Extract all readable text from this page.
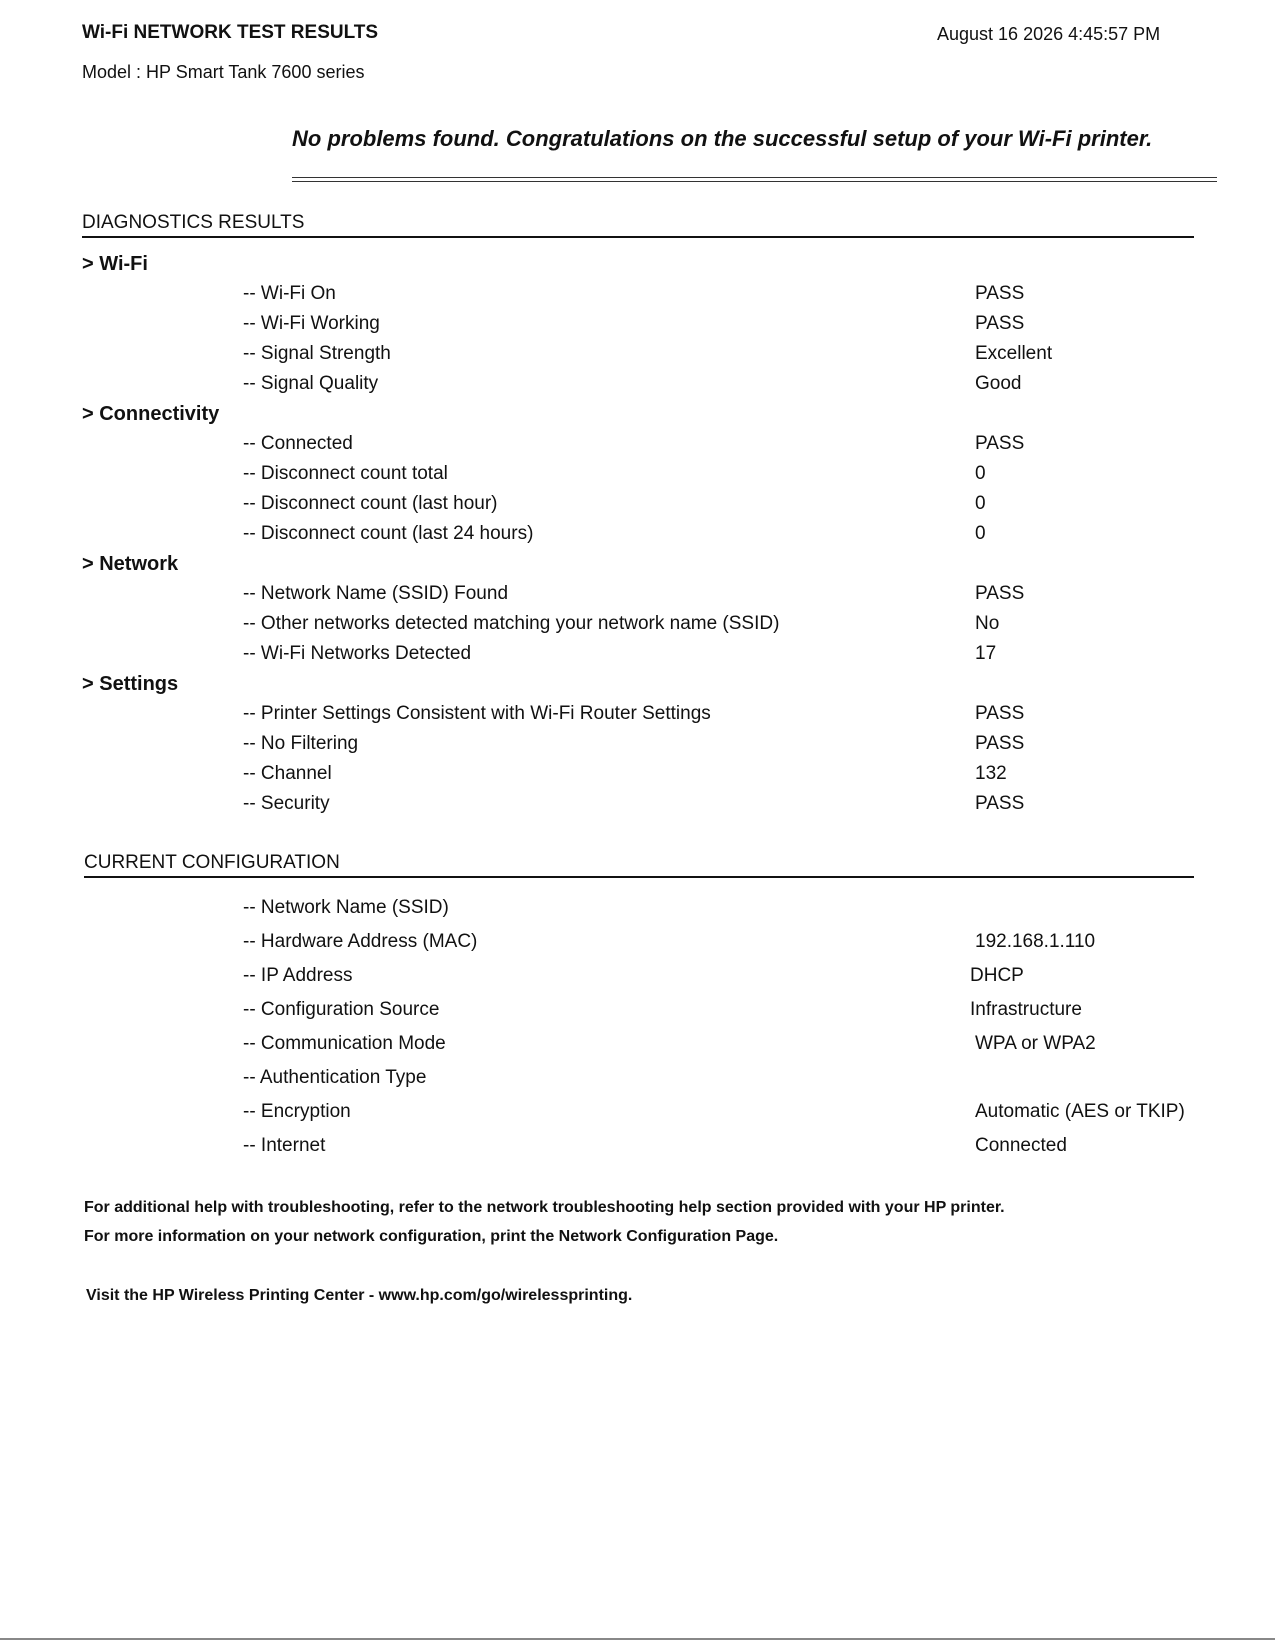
Wi-Fi NETWORK TEST RESULTS	August 16 2026 4:45:57 PM
Model : HP Smart Tank 7600 series
No problems found. Congratulations on the successful setup of your Wi-Fi printer.
DIAGNOSTICS RESULTS
> Wi-Fi
-- Wi-Fi On	PASS
-- Wi-Fi Working	PASS
-- Signal Strength	Excellent
-- Signal Quality	Good
> Connectivity
-- Connected	PASS
-- Disconnect count total	0
-- Disconnect count (last hour)	0
-- Disconnect count (last 24 hours)	0
> Network
-- Network Name (SSID) Found	PASS
-- Other networks detected matching your network name (SSID)	No
-- Wi-Fi Networks Detected	17
> Settings
-- Printer Settings Consistent with Wi-Fi Router Settings	PASS
-- No Filtering	PASS
-- Channel	132
-- Security	PASS
CURRENT CONFIGURATION
-- Network Name (SSID)
-- Hardware Address (MAC)	192.168.1.110
-- IP Address	DHCP
-- Configuration Source	Infrastructure
-- Communication Mode	WPA or WPA2
-- Authentication Type
-- Encryption	Automatic (AES or TKIP)
-- Internet	Connected
For additional help with troubleshooting, refer to the network troubleshooting help section provided with your HP printer.
For more information on your network configuration, print the Network Configuration Page.
Visit the HP Wireless Printing Center - www.hp.com/go/wirelessprinting.
